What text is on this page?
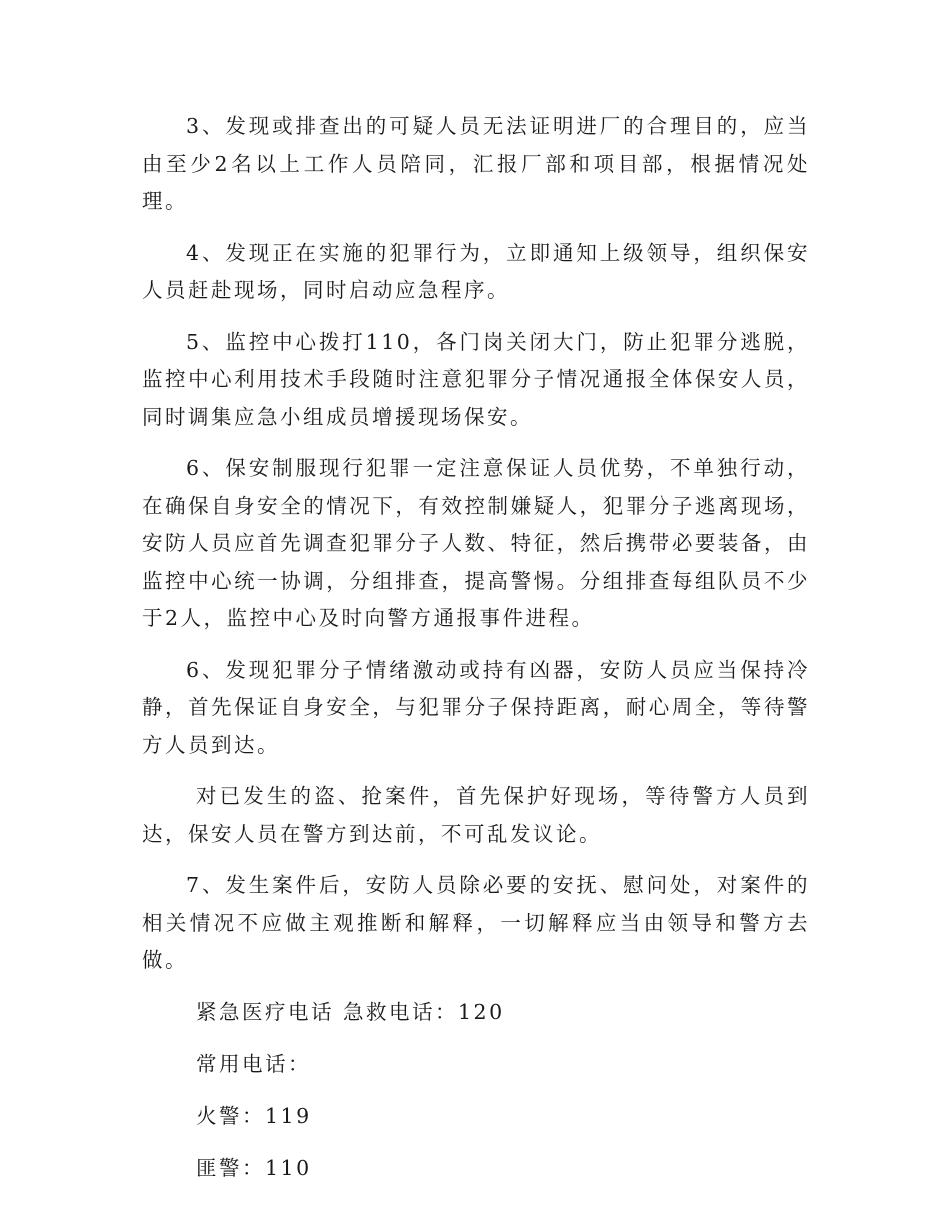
3、发现或排查出的可疑人员无法证明进厂的合理目的，应当由至少2名以上工作人员陪同，汇报厂部和项目部，根据情况处理。

4、发现正在实施的犯罪行为，立即通知上级领导，组织保安人员赶赴现场，同时启动应急程序。

5、监控中心拨打110，各门岗关闭大门，防止犯罪分逃脱，监控中心利用技术手段随时注意犯罪分子情况通报全体保安人员，同时调集应急小组成员增援现场保安。

6、保安制服现行犯罪一定注意保证人员优势，不单独行动，在确保自身安全的情况下，有效控制嫌疑人，犯罪分子逃离现场，安防人员应首先调查犯罪分子人数、特征，然后携带必要装备，由监控中心统一协调，分组排查，提高警惕。分组排查每组队员不少于2人，监控中心及时向警方通报事件进程。

6、发现犯罪分子情绪激动或持有凶器，安防人员应当保持冷静，首先保证自身安全，与犯罪分子保持距离，耐心周全，等待警方人员到达。

对已发生的盗、抢案件，首先保护好现场，等待警方人员到达，保安人员在警方到达前，不可乱发议论。

7、发生案件后，安防人员除必要的安抚、慰问处，对案件的相关情况不应做主观推断和解释，一切解释应当由领导和警方去做。

紧急医疗电话 急救电话：120

常用电话：

火警：119

匪警：110
